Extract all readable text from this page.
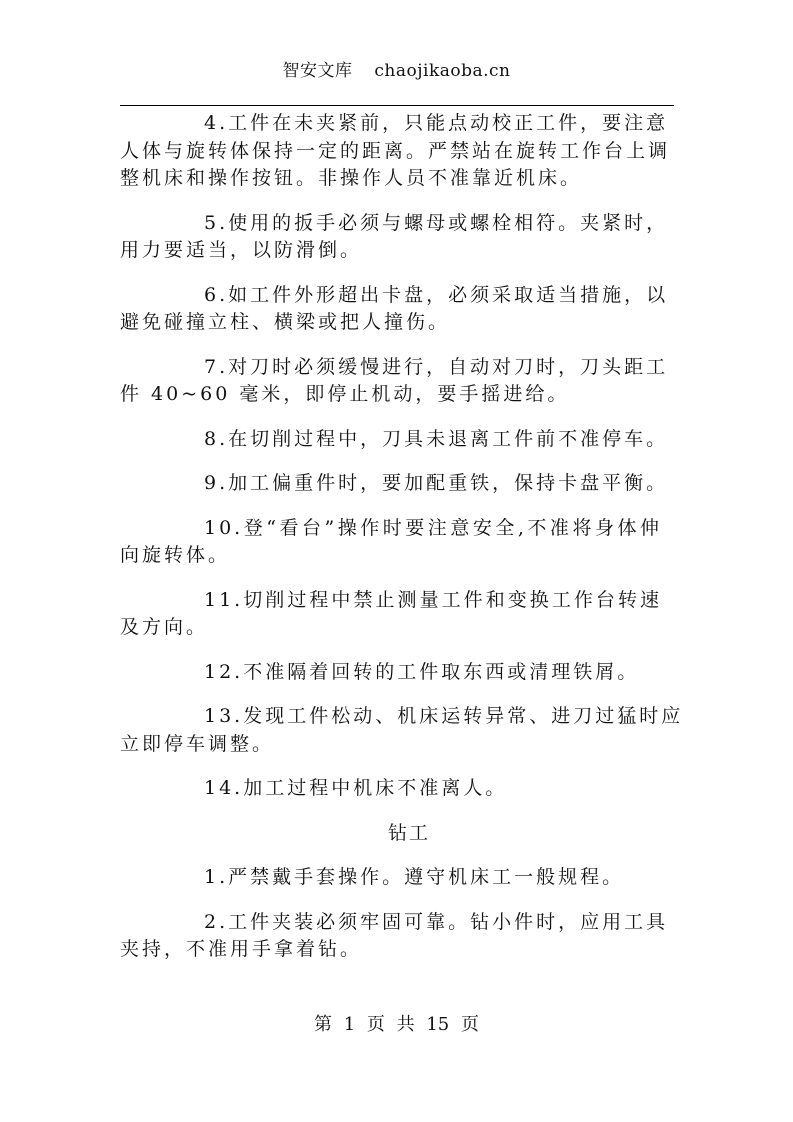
智安文库 chaojikaoba.cn
4.工件在未夹紧前，只能点动校正工件，要注意
人体与旋转体保持一定的距离。严禁站在旋转工作台上调
整机床和操作按钮。非操作人员不准靠近机床。
5.使用的扳手必须与螺母或螺栓相符。夹紧时，
用力要适当，以防滑倒。
6.如工件外形超出卡盘，必须采取适当措施，以
避免碰撞立柱、横梁或把人撞伤。
7.对刀时必须缓慢进行，自动对刀时，刀头距工
件 40~60 毫米，即停止机动，要手摇进给。
8.在切削过程中，刀具未退离工件前不准停车。
9.加工偏重件时，要加配重铁，保持卡盘平衡。
10.登“看台”操作时要注意安全,不准将身体伸
向旋转体。
11.切削过程中禁止测量工件和变换工作台转速
及方向。
12.不准隔着回转的工件取东西或清理铁屑。
13.发现工件松动、机床运转异常、进刀过猛时应
立即停车调整。
14.加工过程中机床不准离人。
钻工
1.严禁戴手套操作。遵守机床工一般规程。
2.工件夹装必须牢固可靠。钻小件时，应用工具
夹持，不准用手拿着钻。
第 1 页 共 15 页
